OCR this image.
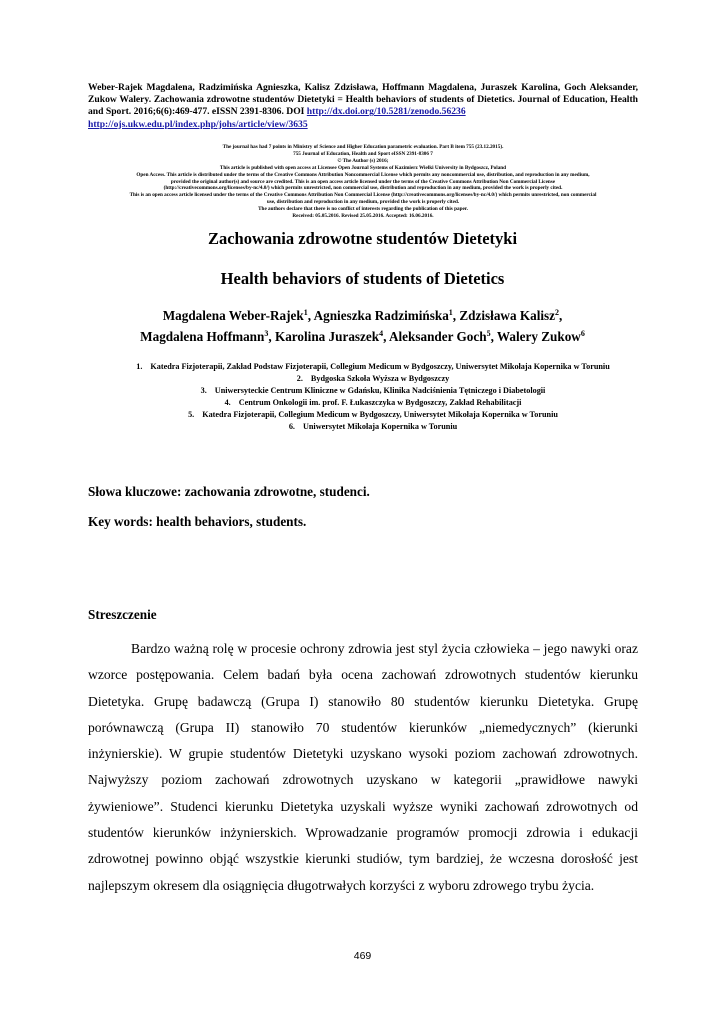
Weber-Rajek Magdalena, Radzimińska Agnieszka, Kalisz Zdzisława, Hoffmann Magdalena, Juraszek Karolina, Goch Aleksander, Zukow Walery. Zachowania zdrowotne studentów Dietetyki = Health behaviors of students of Dietetics. Journal of Education, Health and Sport. 2016;6(6):469-477. eISSN 2391-8306. DOI http://dx.doi.org/10.5281/zenodo.56236
http://ojs.ukw.edu.pl/index.php/johs/article/view/3635
The journal has had 7 points in Ministry of Science and Higher Education parametric evaluation. Part B item 755 (23.12.2015).
755 Journal of Education, Health and Sport eISSN 2391-8306 7
© The Author (s) 2016;
This article is published with open access at Licensee Open Journal Systems of Kazimierz Wielki University in Bydgoszcz, Poland
Open Access. This article is distributed under the terms of the Creative Commons Attribution Noncommercial License which permits any noncommercial use, distribution, and reproduction in any medium,
provided the original author(s) and source are credited. This is an open access article licensed under the terms of the Creative Commons Attribution Non Commercial License
(http://creativecommons.org/licenses/by-nc/4.0/) which permits unrestricted, non commercial use, distribution and reproduction in any medium, provided the work is properly cited.
This is an open access article licensed under the terms of the Creative Commons Attribution Non Commercial License (http://creativecommons.org/licenses/by-nc/4.0/) which permits unrestricted, non commercial
use, distribution and reproduction in any medium, provided the work is properly cited.
The authors declare that there is no conflict of interests regarding the publication of this paper.
Received: 05.05.2016. Revised 25.05.2016. Accepted: 16.06.2016.
Zachowania zdrowotne studentów Dietetyki
Health behaviors of students of Dietetics
Magdalena Weber-Rajek$^1$, Agnieszka Radzimińska$^1$, Zdzisława Kalisz$^2$,
Magdalena Hoffmann$^3$, Karolina Juraszek$^4$, Aleksander Goch$^5$, Walery Zukow$^6$
1. Katedra Fizjoterapii, Zakład Podstaw Fizjoterapii, Collegium Medicum w Bydgoszczy, Uniwersytet Mikołaja Kopernika w Toruniu
2. Bydgoska Szkoła Wyższa w Bydgoszczy
3. Uniwersyteckie Centrum Kliniczne w Gdańsku, Klinika Nadciśnienia Tętniczego i Diabetologii
4. Centrum Onkologii im. prof. F. Łukaszczyka w Bydgoszczy, Zakład Rehabilitacji
5. Katedra Fizjoterapii, Collegium Medicum w Bydgoszczy, Uniwersytet Mikołaja Kopernika w Toruniu
6. Uniwersytet Mikołaja Kopernika w Toruniu
Słowa kluczowe: zachowania zdrowotne, studenci.
Key words: health behaviors, students.
Streszczenie
Bardzo ważną rolę w procesie ochrony zdrowia jest styl życia człowieka – jego nawyki oraz wzorce postępowania. Celem badań była ocena zachowań zdrowotnych studentów kierunku Dietetyka. Grupę badawczą (Grupa I) stanowiło 80 studentów kierunku Dietetyka. Grupę porównawczą (Grupa II) stanowiło 70 studentów kierunków „niemedycznych” (kierunki inżynierskie). W grupie studentów Dietetyki uzyskano wysoki poziom zachowań zdrowotnych. Najwyższy poziom zachowań zdrowotnych uzyskano w kategorii „prawidłowe nawyki żywieniowe”. Studenci kierunku Dietetyka uzyskali wyższe wyniki zachowań zdrowotnych od studentów kierunków inżynierskich. Wprowadzanie programów promocji zdrowia i edukacji zdrowotnej powinno objąć wszystkie kierunki studiów, tym bardziej, że wczesna dorosłość jest najlepszym okresem dla osiągnięcia długotrwałych korzyści z wyboru zdrowego trybu życia.
469
